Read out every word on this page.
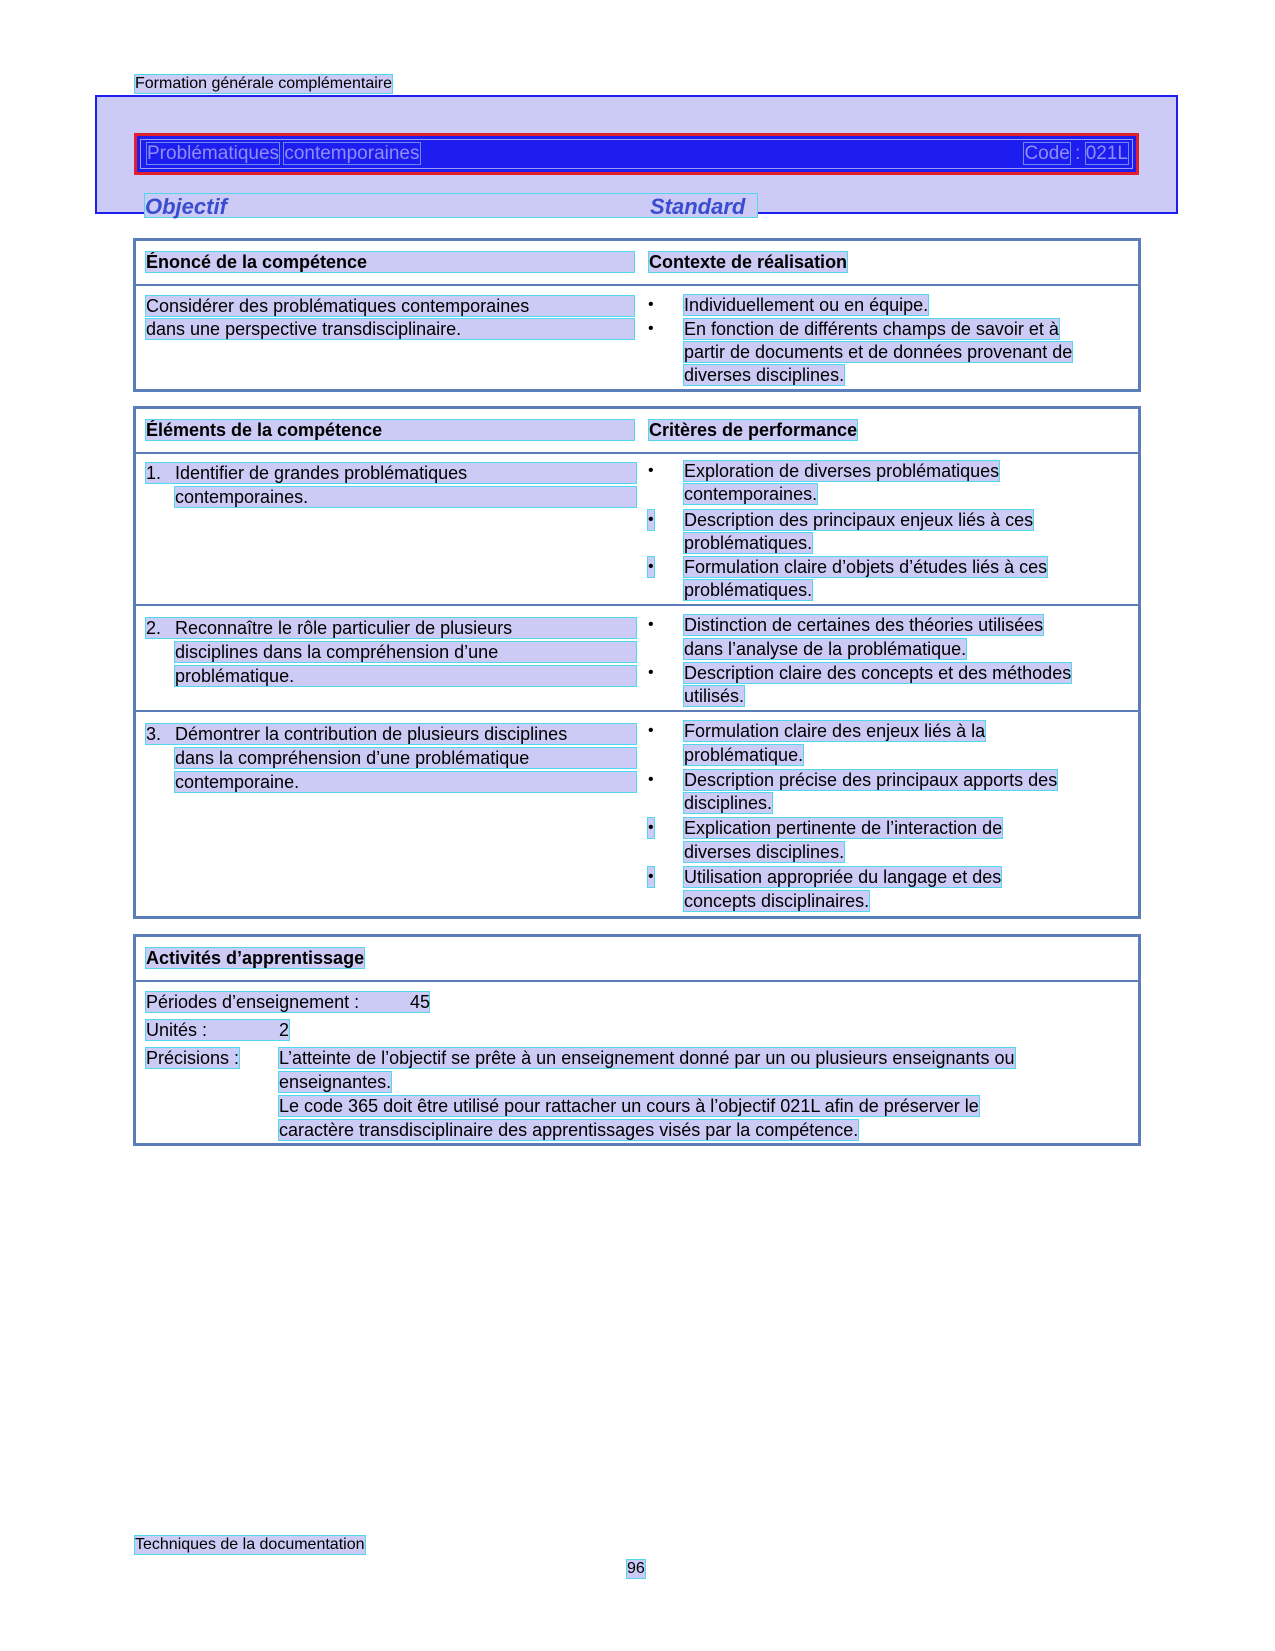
Formation générale complémentaire
Problématiques contemporaines	Code : 021L
Objectif	Standard
Énoncé de la compétence	Contexte de réalisation
Considérer des problématiques contemporaines
dans une perspective transdisciplinaire.
• Individuellement ou en équipe.
• En fonction de différents champs de savoir et à
partir de documents et de données provenant de
diverses disciplines.
Éléments de la compétence	Critères de performance
1. Identifier de grandes problématiques
contemporaines.
• Exploration de diverses problématiques
contemporaines.
• Description des principaux enjeux liés à ces
problématiques.
• Formulation claire d’objets d’études liés à ces
problématiques.
2. Reconnaître le rôle particulier de plusieurs
disciplines dans la compréhension d’une
problématique.
• Distinction de certaines des théories utilisées
dans l’analyse de la problématique.
• Description claire des concepts et des méthodes
utilisés.
3. Démontrer la contribution de plusieurs disciplines
dans la compréhension d’une problématique
contemporaine.
• Formulation claire des enjeux liés à la
problématique.
• Description précise des principaux apports des
disciplines.
• Explication pertinente de l’interaction de
diverses disciplines.
• Utilisation appropriée du langage et des
concepts disciplinaires.
Activités d’apprentissage
Périodes d’enseignement :	45
Unités :	2
Précisions : L’atteinte de l’objectif se prête à un enseignement donné par un ou plusieurs enseignants ou
enseignantes.
Le code 365 doit être utilisé pour rattacher un cours à l’objectif 021L afin de préserver le
caractère transdisciplinaire des apprentissages visés par la compétence.
Techniques de la documentation
96
